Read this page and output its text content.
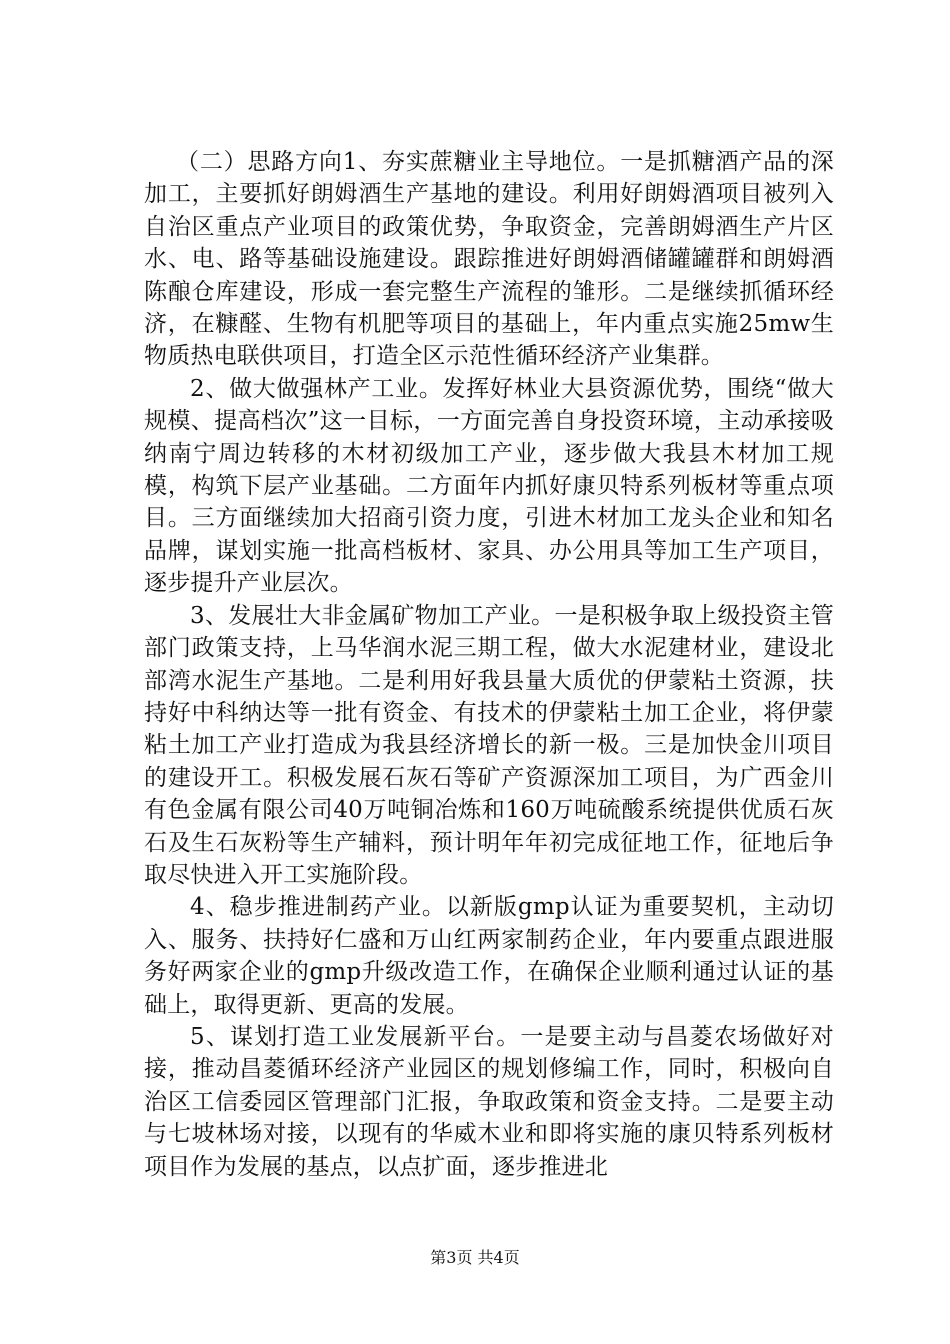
（二）思路方向1、夯实蔗糖业主导地位。一是抓糖酒产品的深加工，主要抓好朗姆酒生产基地的建设。利用好朗姆酒项目被列入自治区重点产业项目的政策优势，争取资金，完善朗姆酒生产片区水、电、路等基础设施建设。跟踪推进好朗姆酒储罐罐群和朗姆酒陈酿仓库建设，形成一套完整生产流程的雏形。二是继续抓循环经济，在糠醛、生物有机肥等项目的基础上，年内重点实施25mw生物质热电联供项目，打造全区示范性循环经济产业集群。

2、做大做强林产工业。发挥好林业大县资源优势，围绕“做大规模、提高档次”这一目标，一方面完善自身投资环境，主动承接吸纳南宁周边转移的木材初级加工产业，逐步做大我县木材加工规模，构筑下层产业基础。二方面年内抓好康贝特系列板材等重点项目。三方面继续加大招商引资力度，引进木材加工龙头企业和知名品牌，谋划实施一批高档板材、家具、办公用具等加工生产项目，逐步提升产业层次。

3、发展壮大非金属矿物加工产业。一是积极争取上级投资主管部门政策支持，上马华润水泥三期工程，做大水泥建材业，建设北部湾水泥生产基地。二是利用好我县量大质优的伊蒙粘土资源，扶持好中科纳达等一批有资金、有技术的伊蒙粘土加工企业，将伊蒙粘土加工产业打造成为我县经济增长的新一极。三是加快金川项目的建设开工。积极发展石灰石等矿产资源深加工项目，为广西金川有色金属有限公司40万吨铜冶炼和160万吨硫酸系统提供优质石灰石及生石灰粉等生产辅料，预计明年年初完成征地工作，征地后争取尽快进入开工实施阶段。

4、稳步推进制药产业。以新版gmp认证为重要契机，主动切入、服务、扶持好仁盛和万山红两家制药企业，年内要重点跟进服务好两家企业的gmp升级改造工作，在确保企业顺利通过认证的基础上，取得更新、更高的发展。

5、谋划打造工业发展新平台。一是要主动与昌菱农场做好对接，推动昌菱循环经济产业园区的规划修编工作，同时，积极向自治区工信委园区管理部门汇报，争取政策和资金支持。二是要主动与七坡林场对接，以现有的华威木业和即将实施的康贝特系列板材项目作为发展的基点，以点扩面，逐步推进北

第3页 共4页
